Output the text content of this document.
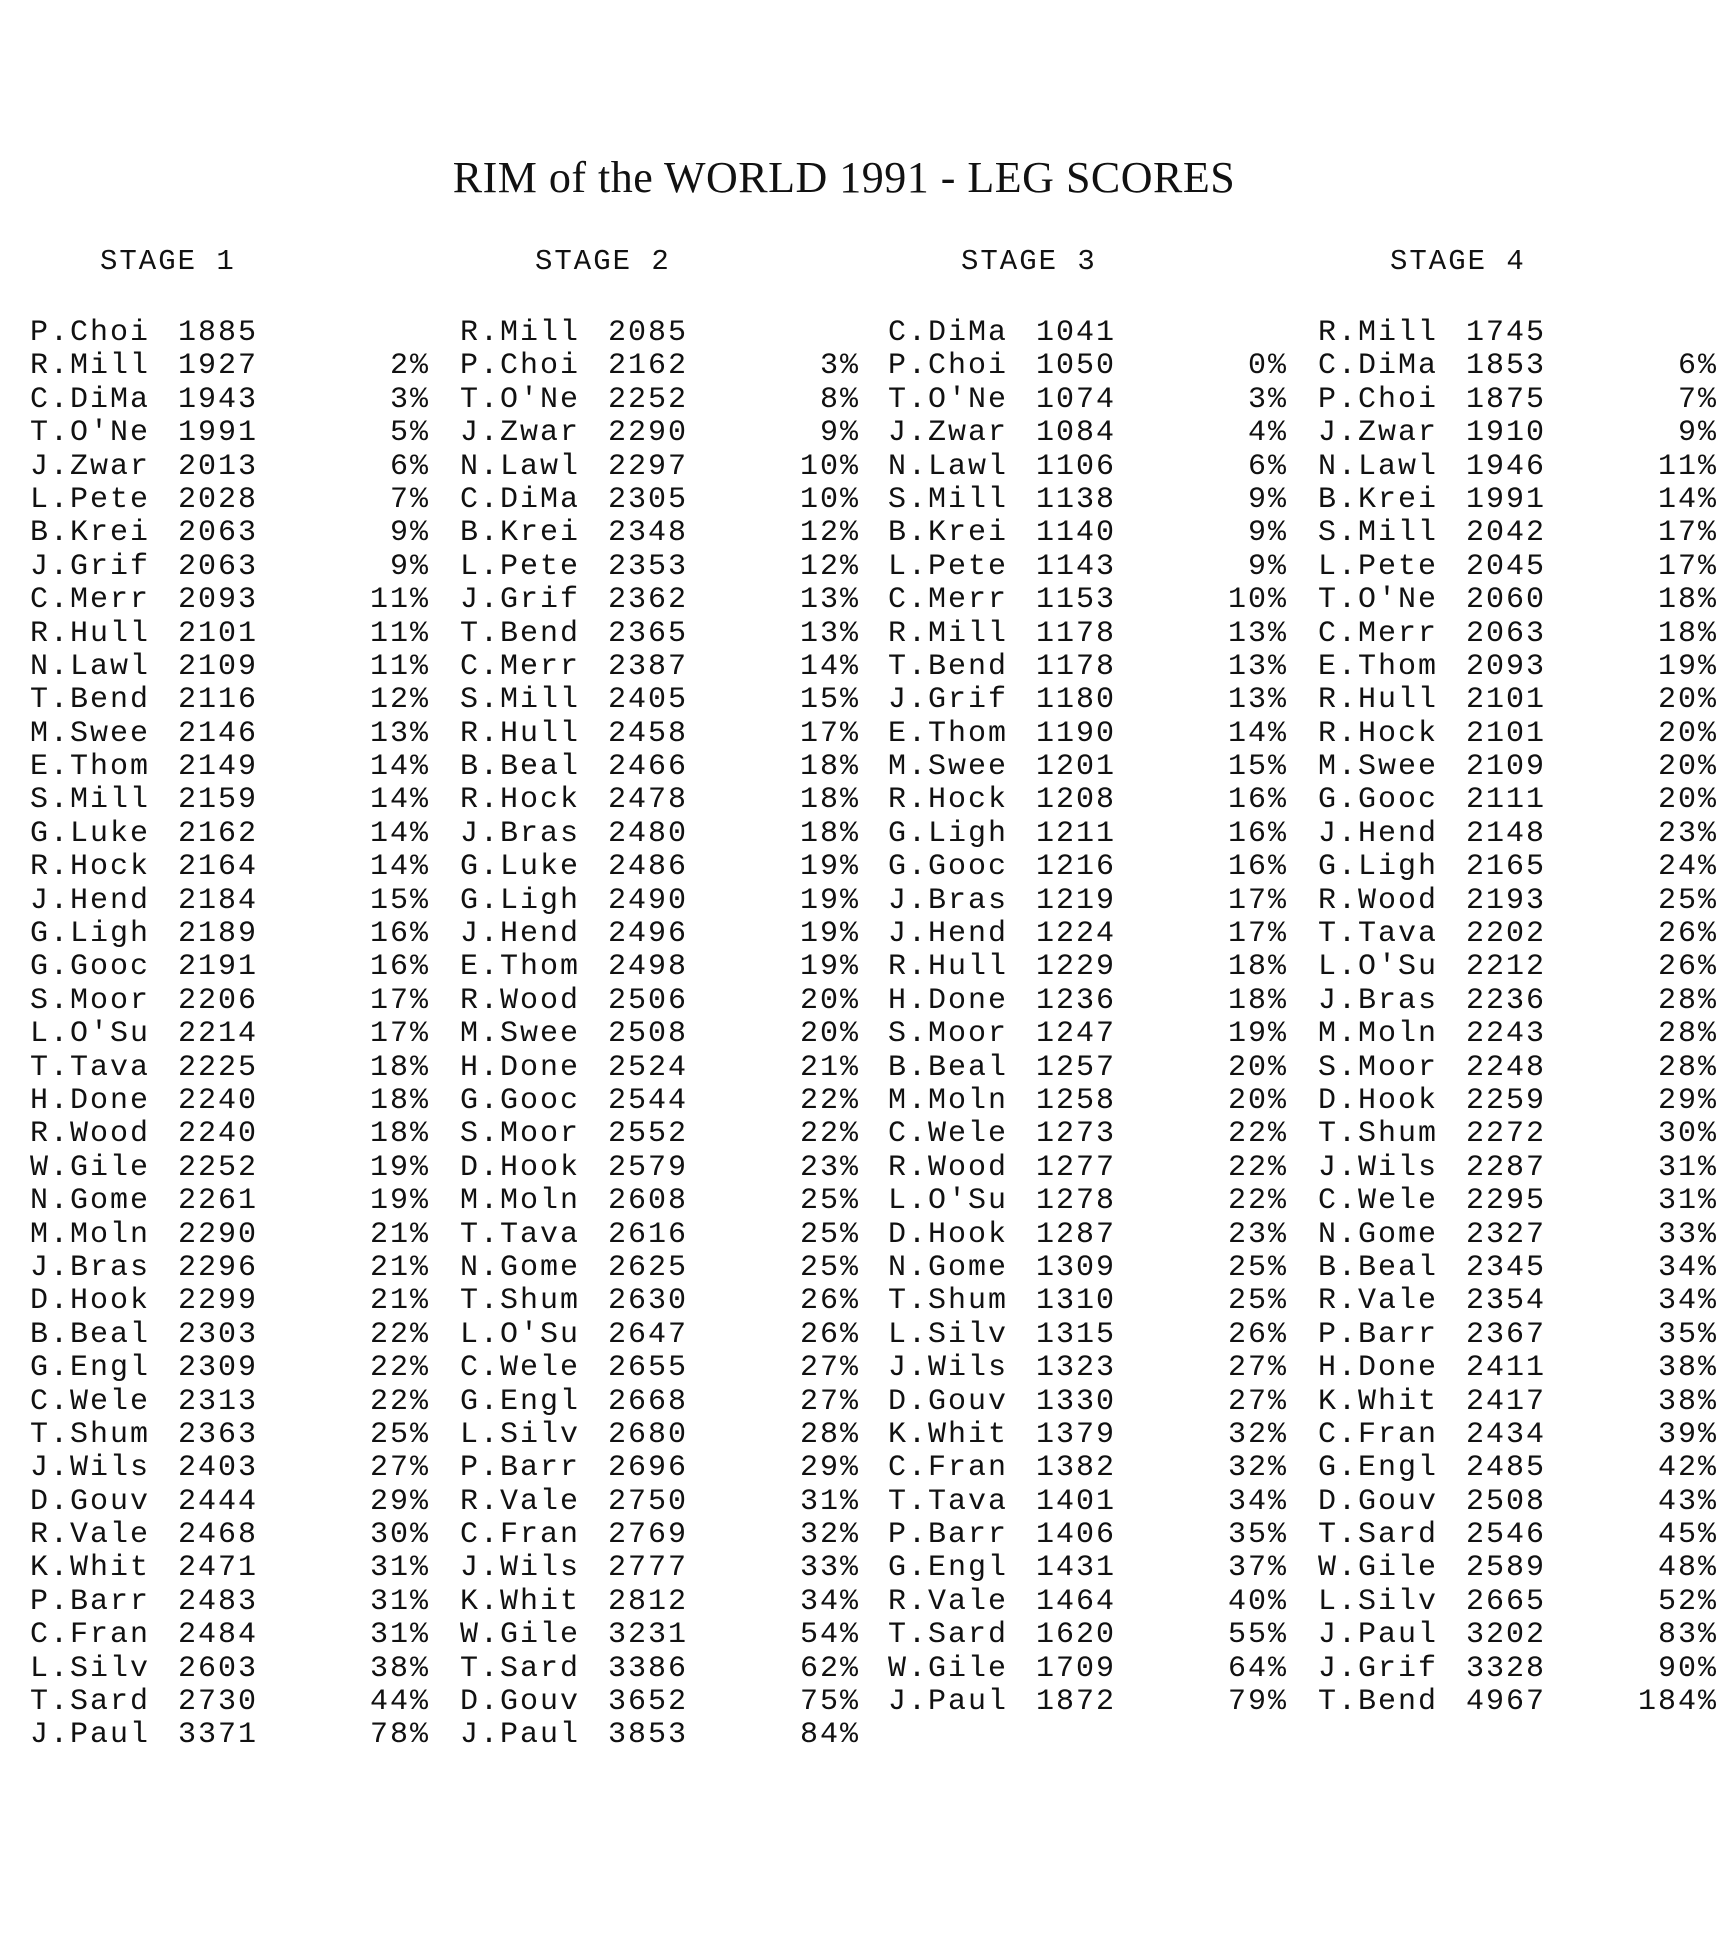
RIM of the WORLD 1991 - LEG SCORES
STAGE 1
P.Choi 1885
R.Mill 1927	2%
C.DiMa 1943	3%
T.O'Ne 1991	5%
J.Zwar 2013	6%
L.Pete 2028	7%
B.Krei 2063	9%
J.Grif 2063	9%
C.Merr 2093	11%
R.Hull 2101	11%
N.Lawl 2109	11%
T.Bend 2116	12%
M.Swee 2146	13%
E.Thom 2149	14%
S.Mill 2159	14%
G.Luke 2162	14%
R.Hock 2164	14%
J.Hend 2184	15%
G.Ligh 2189	16%
G.Gooc 2191	16%
S.Moor 2206	17%
L.O'Su 2214	17%
T.Tava 2225	18%
H.Done 2240	18%
R.Wood 2240	18%
W.Gile 2252	19%
N.Gome 2261	19%
M.Moln 2290	21%
J.Bras 2296	21%
D.Hook 2299	21%
B.Beal 2303	22%
G.Engl 2309	22%
C.Wele 2313	22%
T.Shum 2363	25%
J.Wils 2403	27%
D.Gouv 2444	29%
R.Vale 2468	30%
K.Whit 2471	31%
P.Barr 2483	31%
C.Fran 2484	31%
L.Silv 2603	38%
T.Sard 2730	44%
J.Paul 3371	78%
STAGE 2
R.Mill 2085
P.Choi 2162	3%
T.O'Ne 2252	8%
J.Zwar 2290	9%
N.Lawl 2297	10%
C.DiMa 2305	10%
B.Krei 2348	12%
L.Pete 2353	12%
J.Grif 2362	13%
T.Bend 2365	13%
C.Merr 2387	14%
S.Mill 2405	15%
R.Hull 2458	17%
B.Beal 2466	18%
R.Hock 2478	18%
J.Bras 2480	18%
G.Luke 2486	19%
G.Ligh 2490	19%
J.Hend 2496	19%
E.Thom 2498	19%
R.Wood 2506	20%
M.Swee 2508	20%
H.Done 2524	21%
G.Gooc 2544	22%
S.Moor 2552	22%
D.Hook 2579	23%
M.Moln 2608	25%
T.Tava 2616	25%
N.Gome 2625	25%
T.Shum 2630	26%
L.O'Su 2647	26%
C.Wele 2655	27%
G.Engl 2668	27%
L.Silv 2680	28%
P.Barr 2696	29%
R.Vale 2750	31%
C.Fran 2769	32%
J.Wils 2777	33%
K.Whit 2812	34%
W.Gile 3231	54%
T.Sard 3386	62%
D.Gouv 3652	75%
J.Paul 3853	84%
STAGE 3
C.DiMa 1041
P.Choi 1050	0%
T.O'Ne 1074	3%
J.Zwar 1084	4%
N.Lawl 1106	6%
S.Mill 1138	9%
B.Krei 1140	9%
L.Pete 1143	9%
C.Merr 1153	10%
R.Mill 1178	13%
T.Bend 1178	13%
J.Grif 1180	13%
E.Thom 1190	14%
M.Swee 1201	15%
R.Hock 1208	16%
G.Ligh 1211	16%
G.Gooc 1216	16%
J.Bras 1219	17%
J.Hend 1224	17%
R.Hull 1229	18%
H.Done 1236	18%
S.Moor 1247	19%
B.Beal 1257	20%
M.Moln 1258	20%
C.Wele 1273	22%
R.Wood 1277	22%
L.O'Su 1278	22%
D.Hook 1287	23%
N.Gome 1309	25%
T.Shum 1310	25%
L.Silv 1315	26%
J.Wils 1323	27%
D.Gouv 1330	27%
K.Whit 1379	32%
C.Fran 1382	32%
T.Tava 1401	34%
P.Barr 1406	35%
G.Engl 1431	37%
R.Vale 1464	40%
T.Sard 1620	55%
W.Gile 1709	64%
J.Paul 1872	79%
STAGE 4
R.Mill 1745
C.DiMa 1853	6%
P.Choi 1875	7%
J.Zwar 1910	9%
N.Lawl 1946	11%
B.Krei 1991	14%
S.Mill 2042	17%
L.Pete 2045	17%
T.O'Ne 2060	18%
C.Merr 2063	18%
E.Thom 2093	19%
R.Hull 2101	20%
R.Hock 2101	20%
M.Swee 2109	20%
G.Gooc 2111	20%
J.Hend 2148	23%
G.Ligh 2165	24%
R.Wood 2193	25%
T.Tava 2202	26%
L.O'Su 2212	26%
J.Bras 2236	28%
M.Moln 2243	28%
S.Moor 2248	28%
D.Hook 2259	29%
T.Shum 2272	30%
J.Wils 2287	31%
C.Wele 2295	31%
N.Gome 2327	33%
B.Beal 2345	34%
R.Vale 2354	34%
P.Barr 2367	35%
H.Done 2411	38%
K.Whit 2417	38%
C.Fran 2434	39%
G.Engl 2485	42%
D.Gouv 2508	43%
T.Sard 2546	45%
W.Gile 2589	48%
L.Silv 2665	52%
J.Paul 3202	83%
J.Grif 3328	90%
T.Bend 4967	184%
